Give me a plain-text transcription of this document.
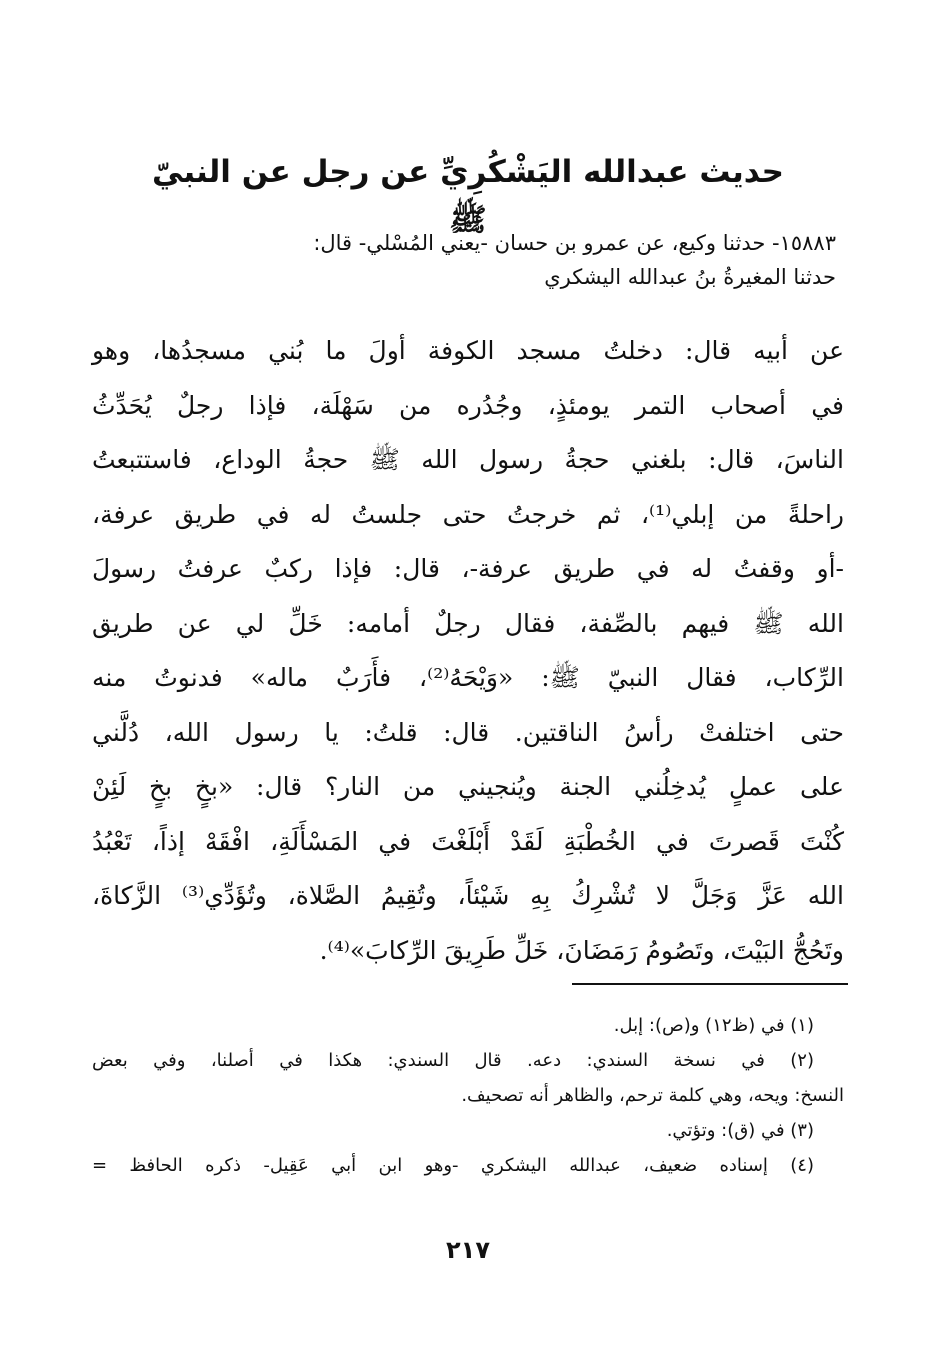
حديث عبدالله اليَشْكُرِيِّ عن رجل عن النبيّ ﷺ
١٥٨٨٣- حدثنا وكيع، عن عمرو بن حسان -يعني المُسْلي- قال:
حدثنا المغيرةُ بنُ عبدالله اليشكري
عن أبيه قال: دخلتُ مسجد الكوفة أولَ ما بُني مسجدُها، وهو
في أصحاب التمر يومئذٍ، وجُدُره من سَهْلَة، فإذا رجلٌ يُحَدِّثُ
الناسَ، قال: بلغني حجةُ رسول الله ﷺ حجةُ الوداع، فاستتبعتُ
راحلةً من إبلي⁽¹⁾، ثم خرجتُ حتى جلستُ له في طريق عرفة،
-أو وقفتُ له في طريق عرفة-، قال: فإذا ركبٌ عرفتُ رسولَ
الله ﷺ فيهم بالصِّفة، فقال رجلٌ أمامه: خَلِّ لي عن طريق
الرِّكاب، فقال النبيّ ﷺ: «وَيْحَهُ⁽²⁾، فأَرَبٌ ماله» فدنوتُ منه
حتى اختلفتْ رأسُ الناقتين. قال: قلتُ: يا رسول الله، دُلَّني
على عملٍ يُدخِلُني الجنة ويُنجيني من النار؟ قال: «بخٍ بخٍ لَئِنْ
كُنْتَ قَصرتَ في الخُطْبَةِ لَقَدْ أَبْلَغْتَ في المَسْأَلَةِ، افْقَهْ إذاً، تَعْبُدُ
الله عَزَّ وَجَلَّ لا تُشْرِكُ بِهِ شَيْئاً، وتُقِيمُ الصَّلاة، وتُؤَدِّي⁽³⁾ الزَّكاةَ،
وتَحُجُّ البَيْتَ، وتَصُومُ رَمَضَانَ، خَلِّ طَرِيقَ الرِّكابَ»⁽⁴⁾.
(١) في (ظ١٢) و(ص): إبل.
(٢) في نسخة السندي: دعه. قال السندي: هكذا في أصلنا، وفي بعض
النسخ: ويحه، وهي كلمة ترحم، والظاهر أنه تصحيف.
(٣) في (ق): وتؤتي.
(٤) إسناده ضعيف، عبدالله اليشكري -وهو ابن أبي عَقِيل- ذكره الحافظ =
٢١٧
